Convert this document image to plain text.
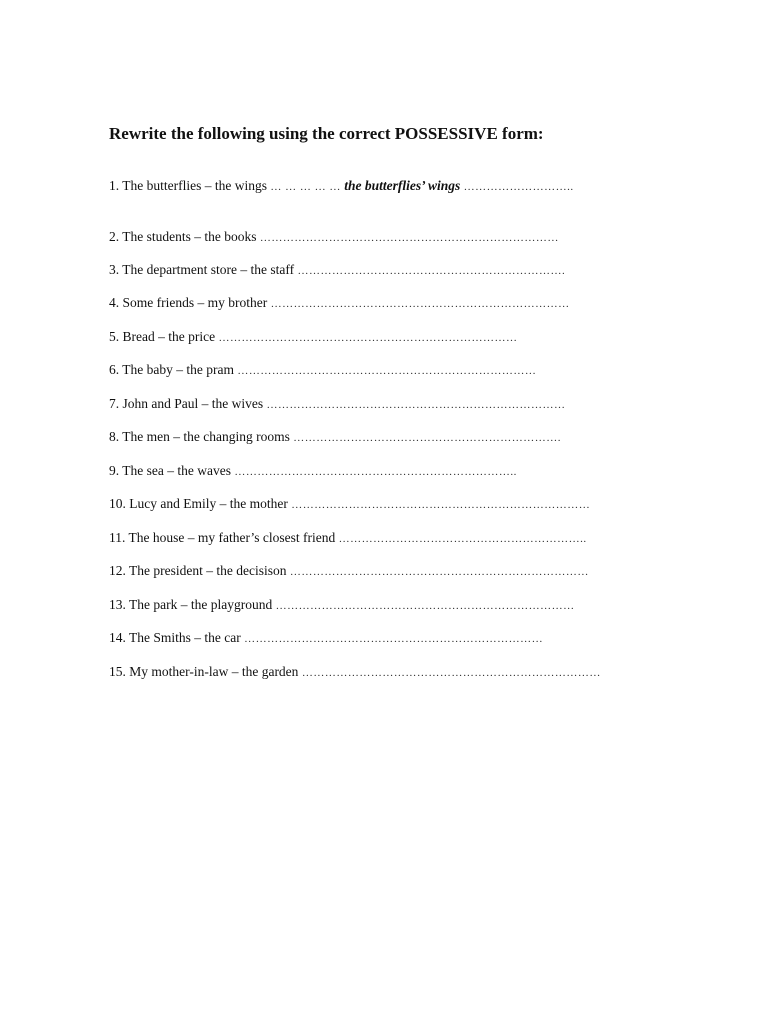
Rewrite the following using the correct POSSESSIVE form:
1. The butterflies – the wings … … … … … the butterflies’ wings ………………………..
2. The students – the books ……………………………………………………………………
3. The department store – the staff …………………………………………………………….
4. Some friends – my brother ……………………………………………………………………
5. Bread – the price ……………………………………………………………………
6. The baby – the pram ……………………………………………………………………
7. John and Paul – the wives ……………………………………………………………………
8. The men – the changing rooms …………………………………………………………….
9. The sea – the waves ………………………………………………………………..
10. Lucy and Emily – the mother ……………………………………………………………………
11. The house – my father’s closest friend ………………………………………………………..
12. The president – the decisison ……………………………………………………………………
13. The park – the playground ……………………………………………………………………
14. The Smiths – the car ……………………………………………………………………
15. My mother-in-law – the garden ……………………………………………………………………
